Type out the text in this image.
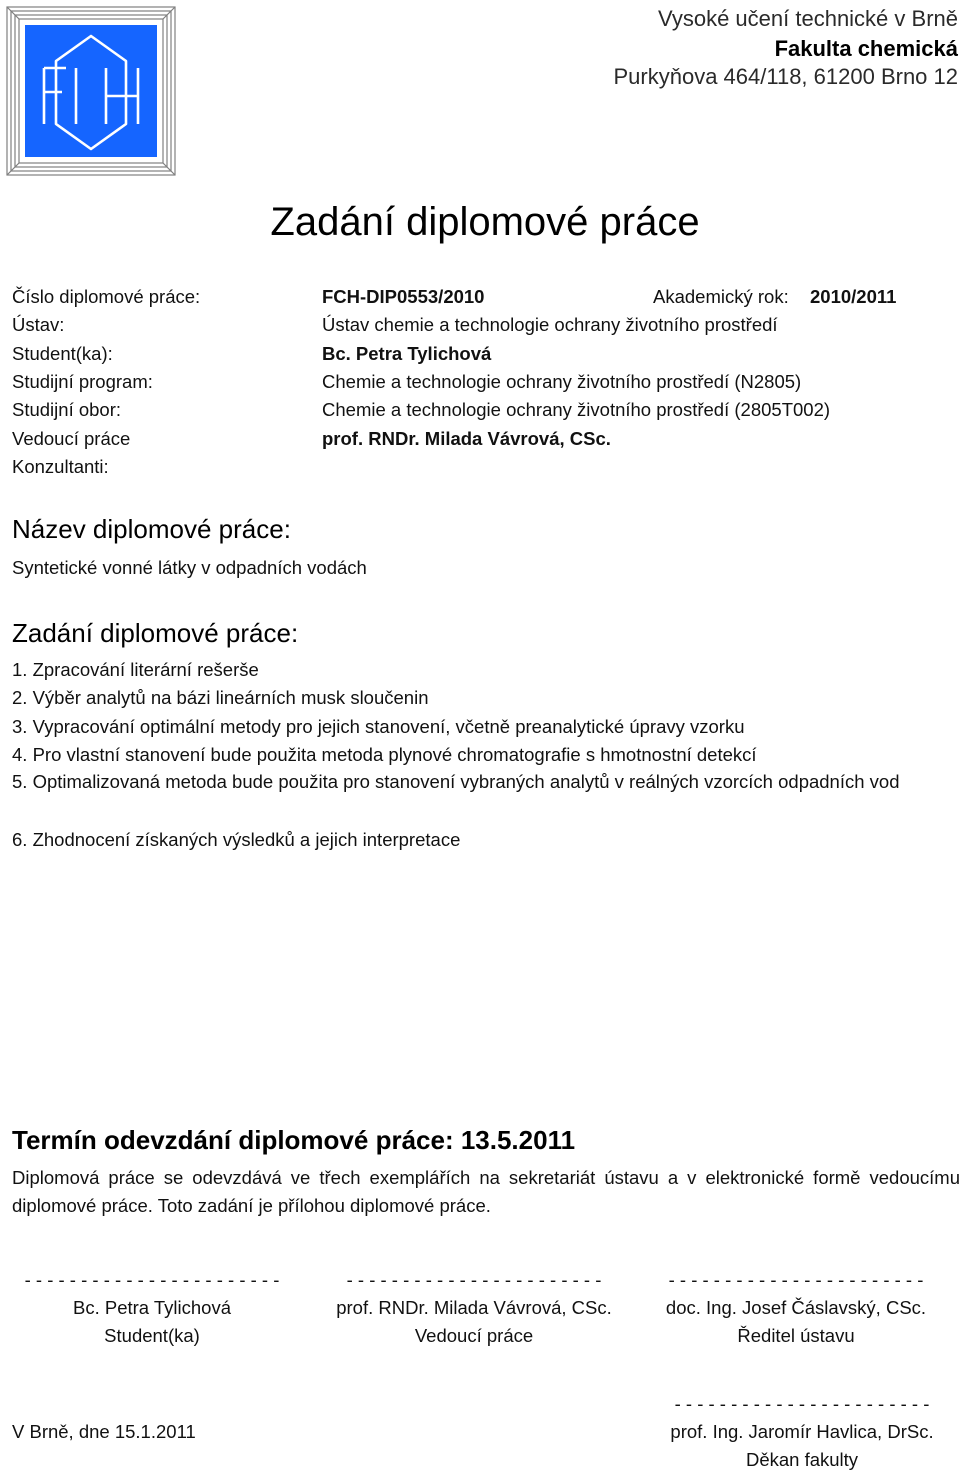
Vysoké učení technické v Brně
Fakulta chemická
Purkyňova 464/118, 61200 Brno 12
Zadání diplomové práce
Číslo diplomové práce:	FCH-DIP0553/2010	Akademický rok: 2010/2011
Ústav:	Ústav chemie a technologie ochrany životního prostředí
Student(ka):	Bc. Petra Tylichová
Studijní program:	Chemie a technologie ochrany životního prostředí (N2805)
Studijní obor:	Chemie a technologie ochrany životního prostředí (2805T002)
Vedoucí práce	prof. RNDr. Milada Vávrová, CSc.
Konzultanti:
Název diplomové práce:
Syntetické vonné látky v odpadních vodách
Zadání diplomové práce:
1. Zpracování literární rešerše
2. Výběr analytů na bázi lineárních musk sloučenin
3. Vypracování optimální metody pro jejich stanovení, včetně preanalytické úpravy vzorku
4. Pro vlastní stanovení bude použita metoda plynové chromatografie s hmotnostní detekcí
5. Optimalizovaná metoda bude použita pro stanovení vybraných analytů v reálných vzorcích odpadních vod
6. Zhodnocení získaných výsledků a jejich interpretace
Termín odevzdání diplomové práce: 13.5.2011
Diplomová práce se odevzdává ve třech exemplářích na sekretariát ústavu a v elektronické formě vedoucímu diplomové práce. Toto zadání je přílohou diplomové práce.
- - - - - - - - - - - - - - - - - - - - - - -	- - - - - - - - - - - - - - - - - - - - - - -	- - - - - - - - - - - - - - - - - - - - - - -
Bc. Petra Tylichová	prof. RNDr. Milada Vávrová, CSc.	doc. Ing. Josef Čáslavský, CSc.
Student(ka)	Vedoucí práce	Ředitel ústavu
- - - - - - - - - - - - - - - - - - - - - - -
V Brně, dne 15.1.2011	prof. Ing. Jaromír Havlica, DrSc.
Děkan fakulty
